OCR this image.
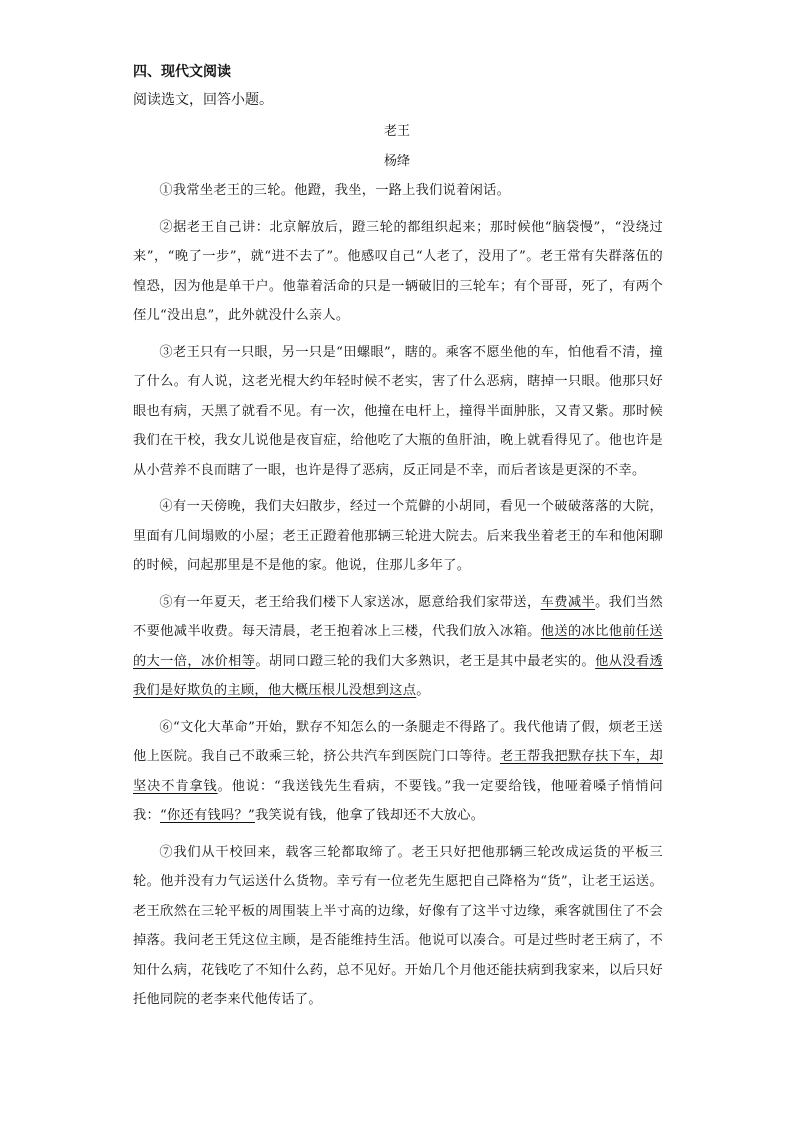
四、现代文阅读

阅读选文，回答小题。

老王

杨绛

①我常坐老王的三轮。他蹬，我坐，一路上我们说着闲话。

②据老王自己讲：北京解放后，蹬三轮的都组织起来；那时候他“脑袋慢”，“没绕过来”，“晚了一步”，就“进不去了”。他感叹自己“人老了，没用了”。老王常有失群落伍的惶恐，因为他是单干户。他靠着活命的只是一辆破旧的三轮车；有个哥哥，死了，有两个侄儿“没出息”，此外就没什么亲人。

③老王只有一只眼，另一只是“田螺眼”，瞎的。乘客不愿坐他的车，怕他看不清，撞了什么。有人说，这老光棍大约年轻时候不老实，害了什么恶病，瞎掉一只眼。他那只好眼也有病，天黑了就看不见。有一次，他撞在电杆上，撞得半面肿胀，又青又紫。那时候我们在干校，我女儿说他是夜盲症，给他吃了大瓶的鱼肝油，晚上就看得见了。他也许是从小营养不良而瞎了一眼，也许是得了恶病，反正同是不幸，而后者该是更深的不幸。

④有一天傍晚，我们夫妇散步，经过一个荒僻的小胡同，看见一个破破落落的大院，里面有几间塌败的小屋；老王正蹬着他那辆三轮进大院去。后来我坐着老王的车和他闲聊的时候，问起那里是不是他的家。他说，住那儿多年了。

⑤有一年夏天，老王给我们楼下人家送冰，愿意给我们家带送，车费减半。我们当然不要他减半收费。每天清晨，老王抱着冰上三楼，代我们放入冰箱。他送的冰比他前任送的大一倍，冰价相等。胡同口蹬三轮的我们大多熟识，老王是其中最老实的。他从没看透我们是好欺负的主顾，他大概压根儿没想到这点。

⑥“文化大革命”开始，默存不知怎么的一条腿走不得路了。我代他请了假，烦老王送他上医院。我自己不敢乘三轮，挤公共汽车到医院门口等待。老王帮我把默存扶下车，却坚决不肯拿钱。他说：“我送钱先生看病，不要钱。”我一定要给钱，他哑着嗓子悄悄问我：“你还有钱吗？”我笑说有钱，他拿了钱却还不大放心。

⑦我们从干校回来，载客三轮都取缔了。老王只好把他那辆三轮改成运货的平板三轮。他并没有力气运送什么货物。幸亏有一位老先生愿把自己降格为“货”，让老王运送。老王欣然在三轮平板的周围装上半寸高的边缘，好像有了这半寸边缘，乘客就围住了不会掉落。我问老王凭这位主顾，是否能维持生活。他说可以凑合。可是过些时老王病了，不知什么病，花钱吃了不知什么药，总不见好。开始几个月他还能扶病到我家来，以后只好托他同院的老李来代他传话了。
